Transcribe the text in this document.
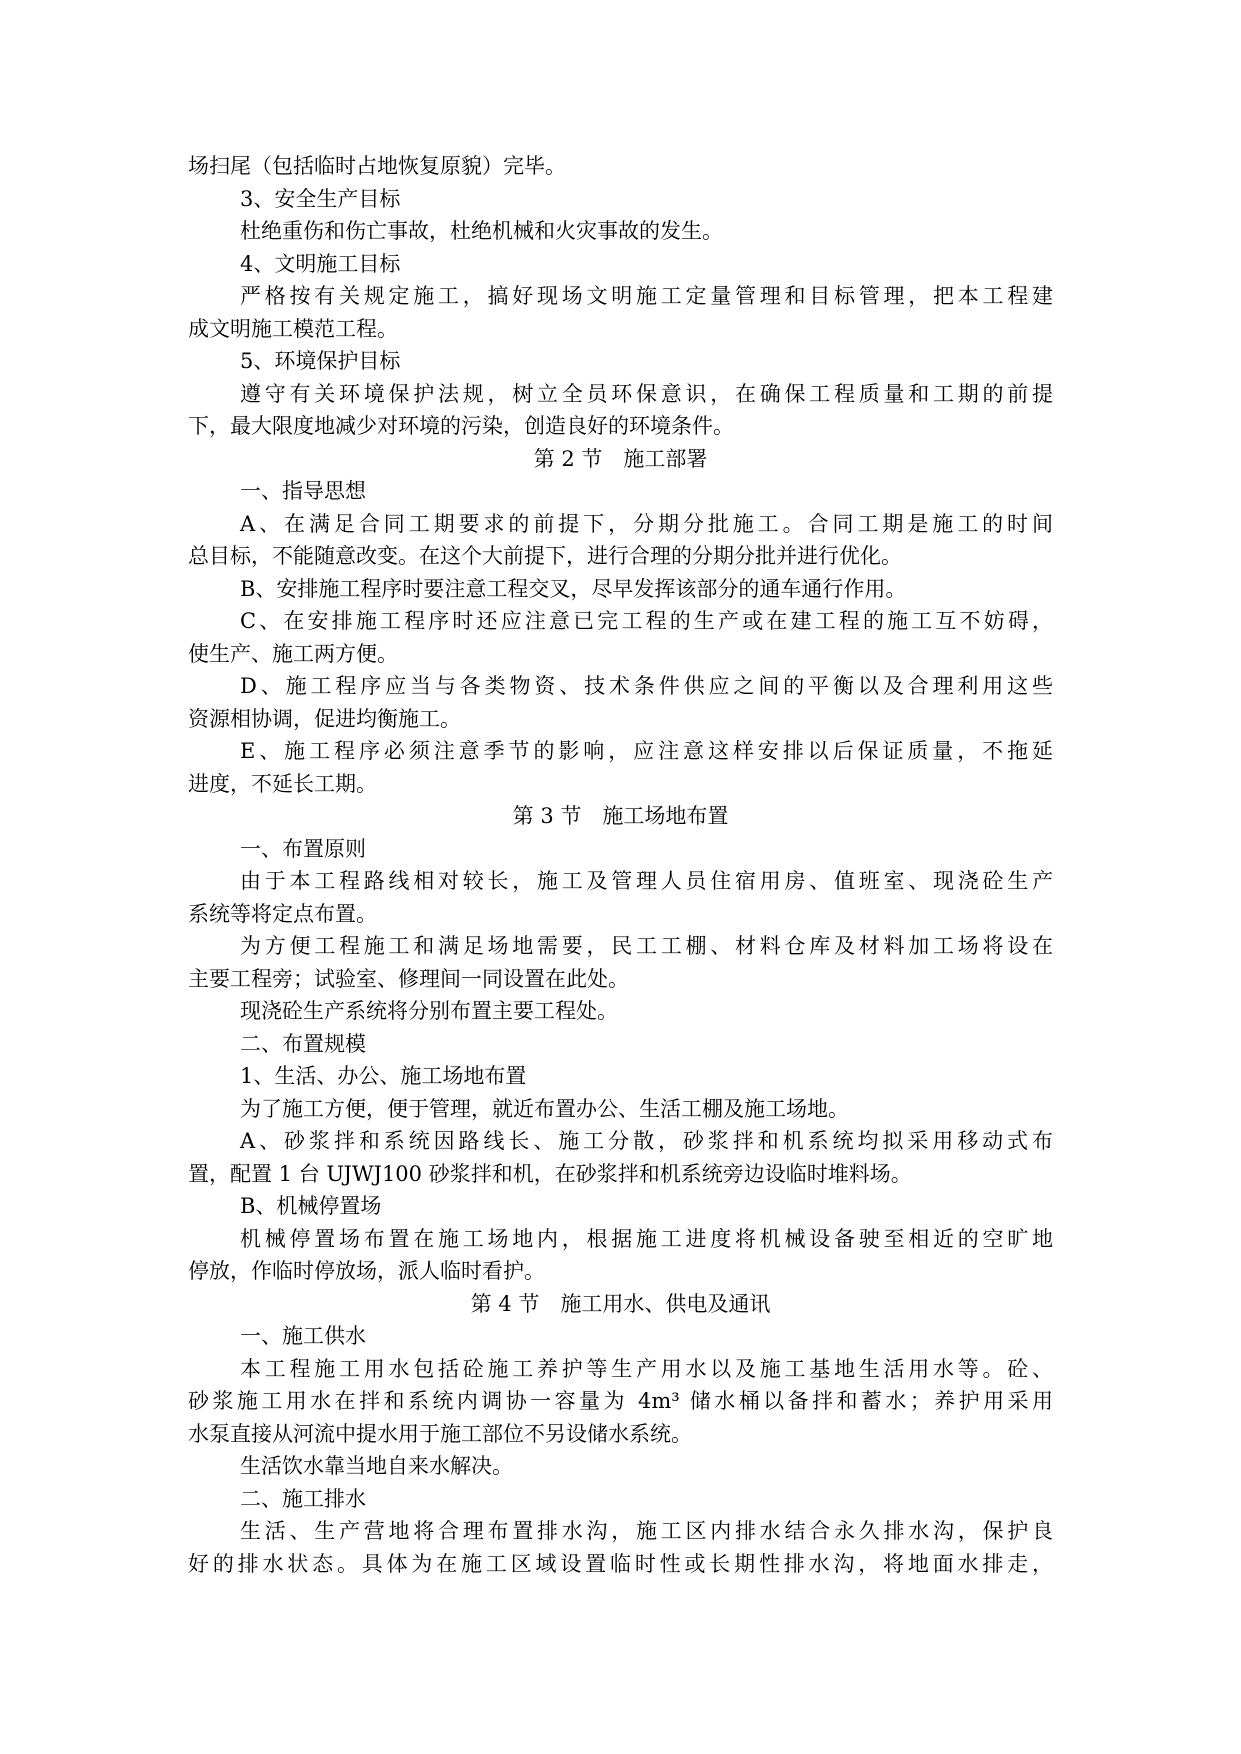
场扫尾（包括临时占地恢复原貌）完毕。
3、安全生产目标
杜绝重伤和伤亡事故，杜绝机械和火灾事故的发生。
4、文明施工目标
严格按有关规定施工，搞好现场文明施工定量管理和目标管理，把本工程建
成文明施工模范工程。
5、环境保护目标
遵守有关环境保护法规，树立全员环保意识，在确保工程质量和工期的前提
下，最大限度地减少对环境的污染，创造良好的环境条件。
第 2 节　施工部署
一、指导思想
A、在满足合同工期要求的前提下，分期分批施工。合同工期是施工的时间
总目标，不能随意改变。在这个大前提下，进行合理的分期分批并进行优化。
B、安排施工程序时要注意工程交叉，尽早发挥该部分的通车通行作用。
C、在安排施工程序时还应注意已完工程的生产或在建工程的施工互不妨碍，
使生产、施工两方便。
D、施工程序应当与各类物资、技术条件供应之间的平衡以及合理利用这些
资源相协调，促进均衡施工。
E、施工程序必须注意季节的影响，应注意这样安排以后保证质量，不拖延
进度，不延长工期。
第 3 节　施工场地布置
一、布置原则
由于本工程路线相对较长，施工及管理人员住宿用房、值班室、现浇砼生产
系统等将定点布置。
为方便工程施工和满足场地需要，民工工棚、材料仓库及材料加工场将设在
主要工程旁；试验室、修理间一同设置在此处。
现浇砼生产系统将分别布置主要工程处。
二、布置规模
1、生活、办公、施工场地布置
为了施工方便，便于管理，就近布置办公、生活工棚及施工场地。
A、砂浆拌和系统因路线长、施工分散，砂浆拌和机系统均拟采用移动式布
置，配置 1 台 UJWJ100 砂浆拌和机，在砂浆拌和机系统旁边设临时堆料场。
B、机械停置场
机械停置场布置在施工场地内，根据施工进度将机械设备驶至相近的空旷地
停放，作临时停放场，派人临时看护。
第 4 节　施工用水、供电及通讯
一、施工供水
本工程施工用水包括砼施工养护等生产用水以及施工基地生活用水等。砼、
砂浆施工用水在拌和系统内调协一容量为 4m³ 储水桶以备拌和蓄水；养护用采用
水泵直接从河流中提水用于施工部位不另设储水系统。
生活饮水靠当地自来水解决。
二、施工排水
生活、生产营地将合理布置排水沟，施工区内排水结合永久排水沟，保护良
好的排水状态。具体为在施工区域设置临时性或长期性排水沟，将地面水排走，
